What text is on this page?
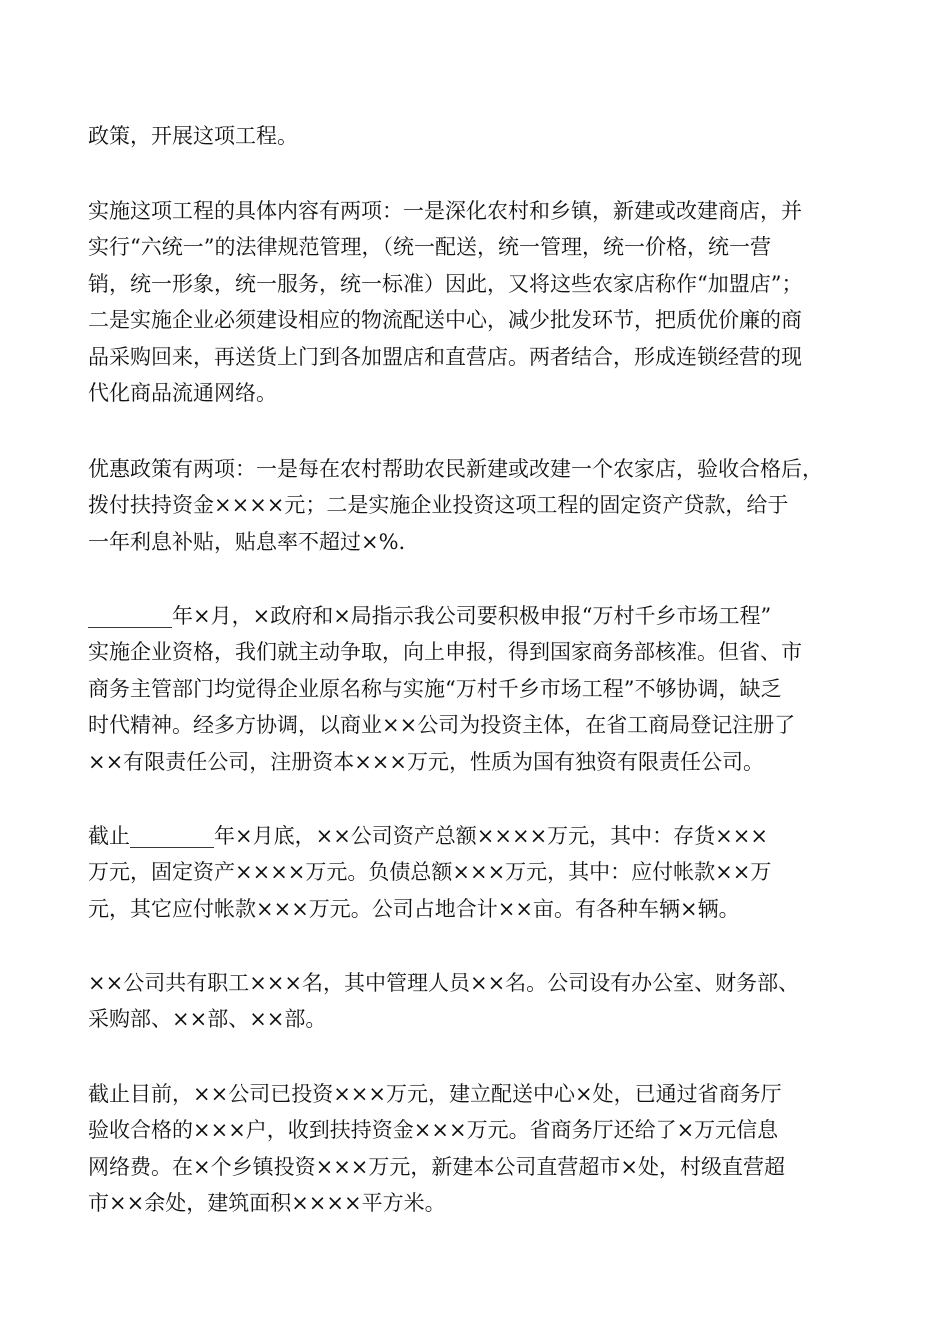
政策，开展这项工程。

实施这项工程的具体内容有两项：一是深化农村和乡镇，新建或改建商店，并
实行“六统一”的法律规范管理，（统一配送，统一管理，统一价格，统一营
销，统一形象，统一服务，统一标准）因此，又将这些农家店称作“加盟店”；
二是实施企业必须建设相应的物流配送中心，减少批发环节，把质优价廉的商
品采购回来，再送货上门到各加盟店和直营店。两者结合，形成连锁经营的现
代化商品流通网络。

优惠政策有两项：一是每在农村帮助农民新建或改建一个农家店，验收合格后，
拨付扶持资金××××元；二是实施企业投资这项工程的固定资产贷款，给于
一年利息补贴，贴息率不超过×%.

________年×月，×政府和×局指示我公司要积极申报“万村千乡市场工程”
实施企业资格，我们就主动争取，向上申报，得到国家商务部核准。但省、市
商务主管部门均觉得企业原名称与实施“万村千乡市场工程”不够协调，缺乏
时代精神。经多方协调，以商业××公司为投资主体，在省工商局登记注册了
××有限责任公司，注册资本×××万元，性质为国有独资有限责任公司。

截止________年×月底，××公司资产总额××××万元，其中：存货×××
万元，固定资产××××万元。负债总额×××万元，其中：应付帐款××万
元，其它应付帐款×××万元。公司占地合计××亩。有各种车辆×辆。

××公司共有职工×××名，其中管理人员××名。公司设有办公室、财务部、
采购部、××部、××部。

截止目前，××公司已投资×××万元，建立配送中心×处，已通过省商务厅
验收合格的×××户，收到扶持资金×××万元。省商务厅还给了×万元信息
网络费。在×个乡镇投资×××万元，新建本公司直营超市×处，村级直营超
市××余处，建筑面积××××平方米。
